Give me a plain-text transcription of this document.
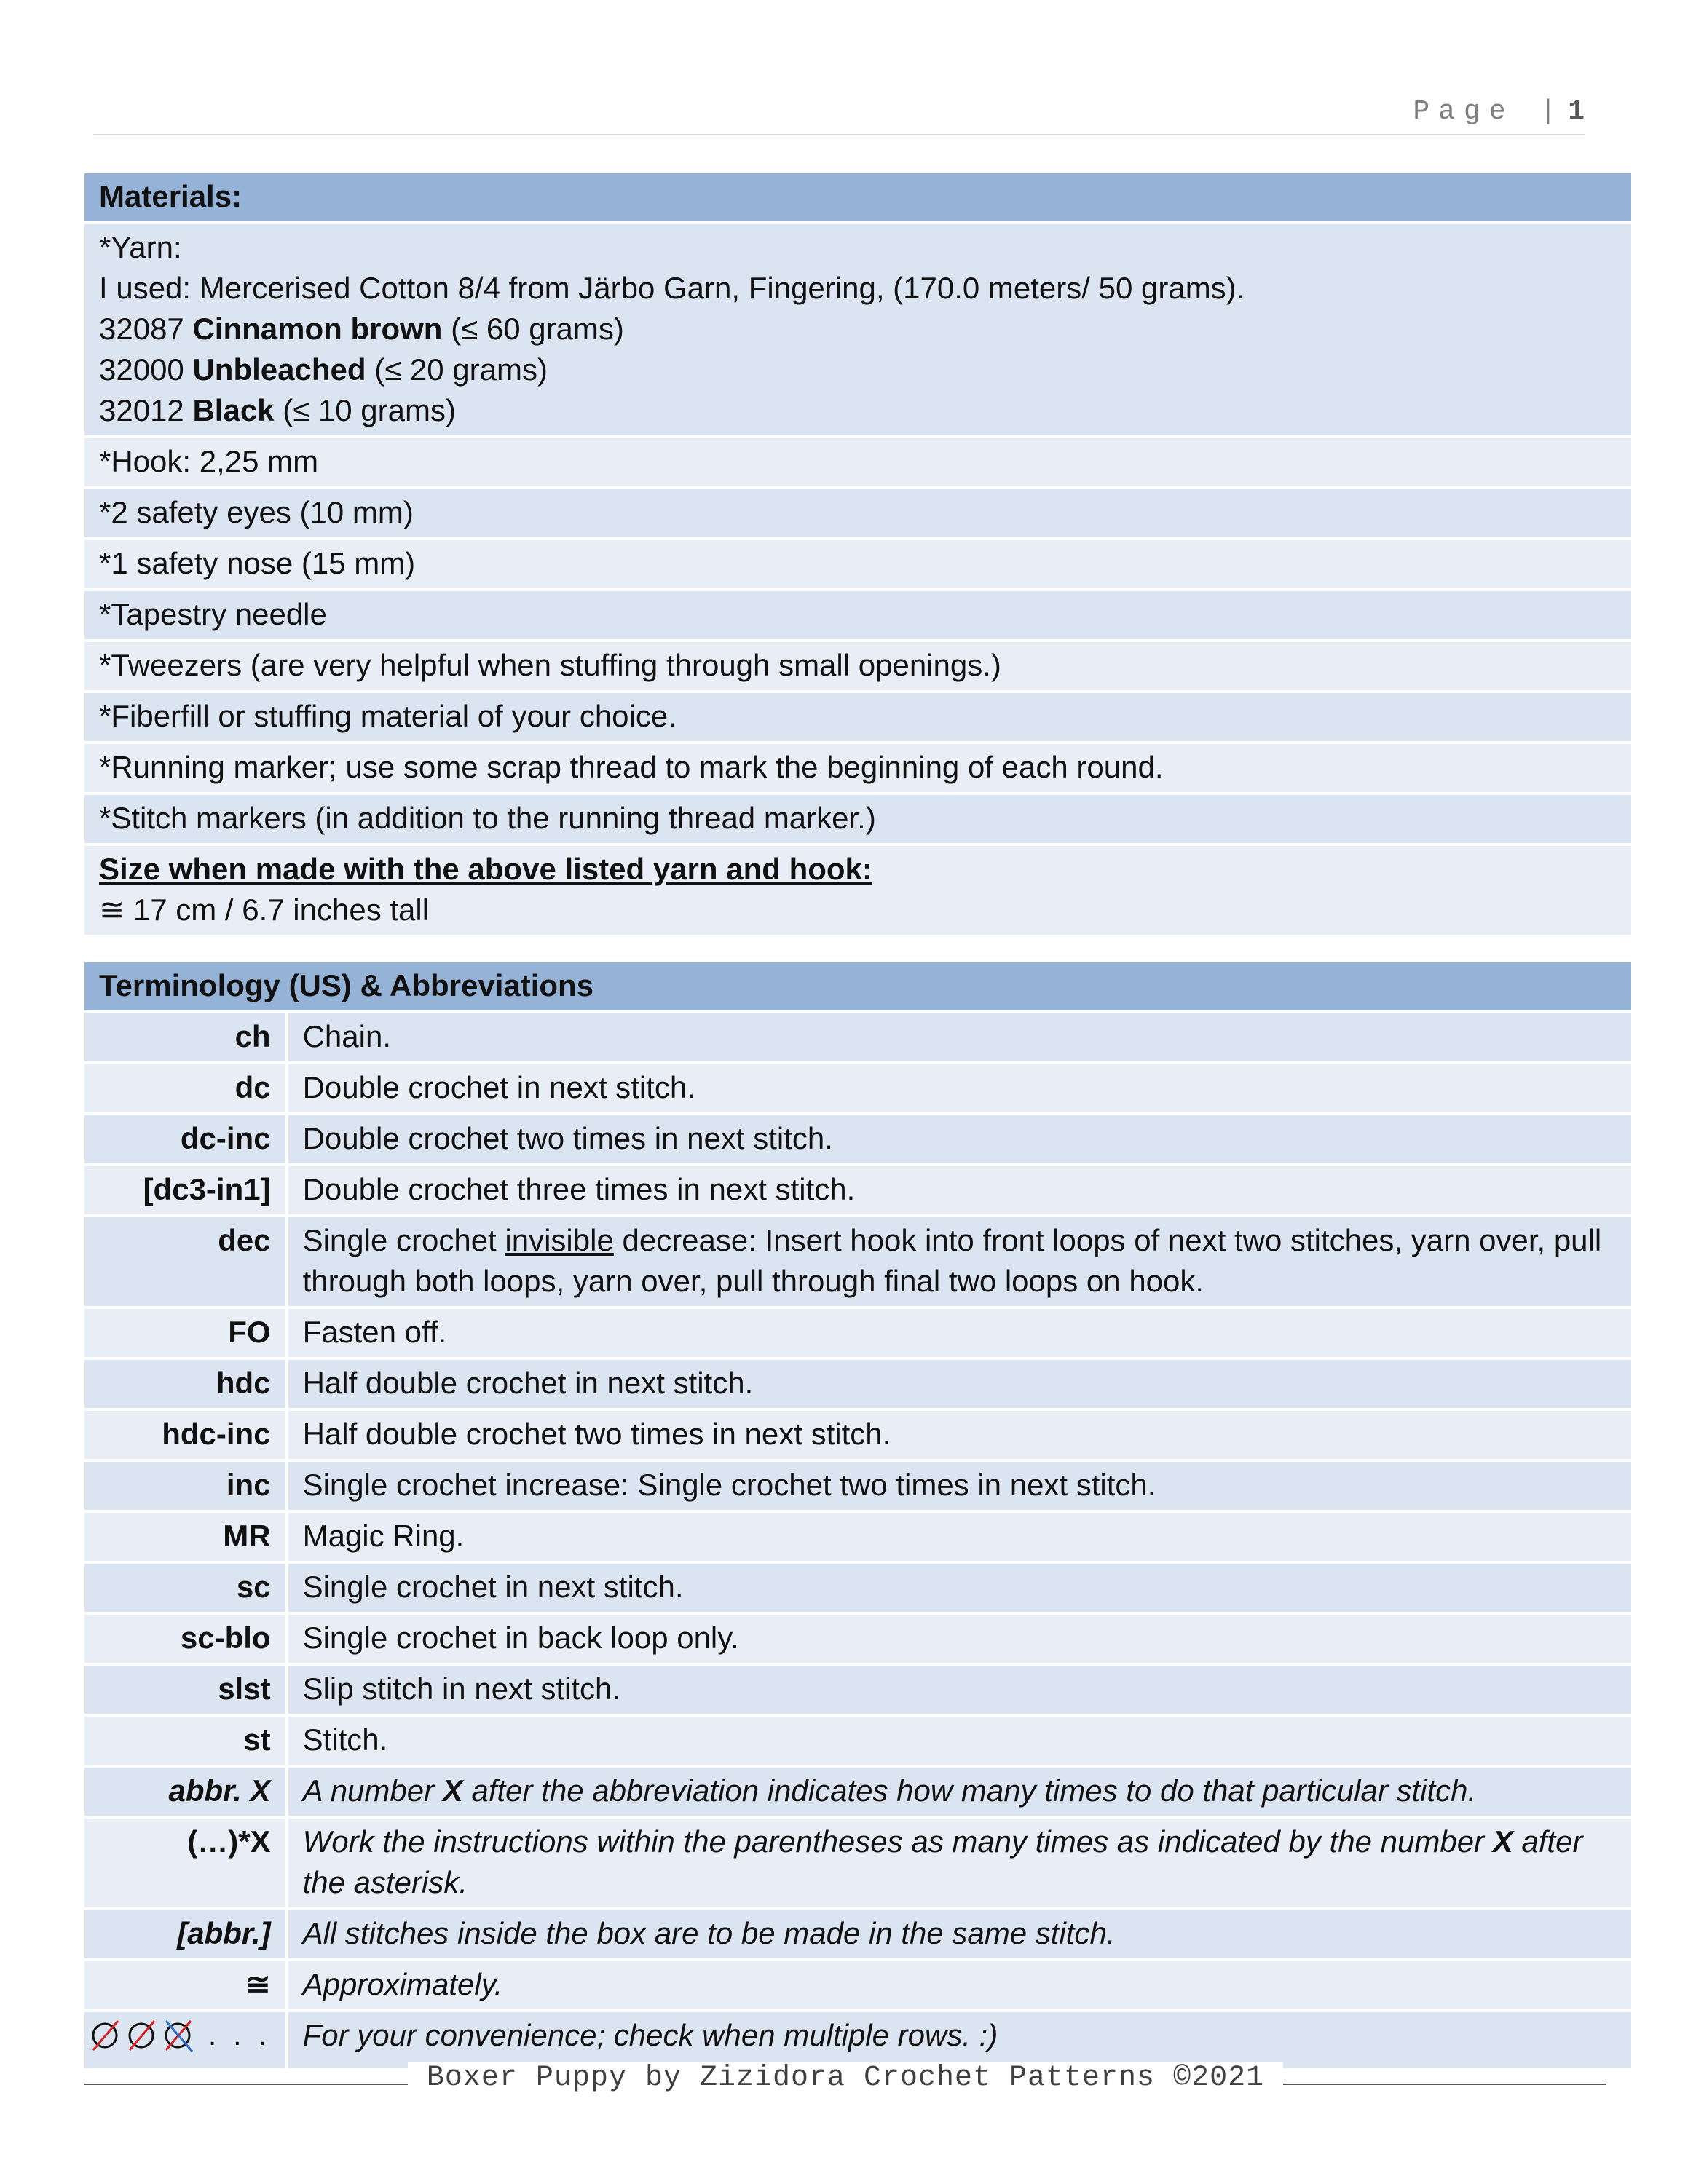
Page | 1
Materials:

*Yarn:
I used: Mercerised Cotton 8/4 from Järbo Garn, Fingering, (170.0 meters/ 50 grams).
32087 Cinnamon brown (≤ 60 grams)
32000 Unbleached (≤ 20 grams)
32012 Black (≤ 10 grams)

*Hook: 2,25 mm
*2 safety eyes (10 mm)
*1 safety nose (15 mm)
*Tapestry needle
*Tweezers (are very helpful when stuffing through small openings.)
*Fiberfill or stuffing material of your choice.
*Running marker; use some scrap thread to mark the beginning of each round.
*Stitch markers (in addition to the running thread marker.)

Size when made with the above listed yarn and hook:
≅ 17 cm / 6.7 inches tall
Terminology (US) & Abbreviations	
ch	Chain.
dc	Double crochet in next stitch.
dc-inc	Double crochet two times in next stitch.
[dc3-in1]	Double crochet three times in next stitch.
dec	Single crochet invisible decrease: Insert hook into front loops of next two stitches, yarn over, pull through both loops, yarn over, pull through final two loops on hook.
FO	Fasten off.
hdc	Half double crochet in next stitch.
hdc-inc	Half double crochet two times in next stitch.
inc	Single crochet increase: Single crochet two times in next stitch.
MR	Magic Ring.
sc	Single crochet in next stitch.
sc-blo	Single crochet in back loop only.
slst	Slip stitch in next stitch.
st	Stitch.
abbr. X	A number X after the abbreviation indicates how many times to do that particular stitch.
(…)*X	Work the instructions within the parentheses as many times as indicated by the number X after the asterisk.
[abbr.]	All stitches inside the box are to be made in the same stitch.
≅	Approximately.

. . .	For your convenience; check when multiple rows. :)
Boxer Puppy by Zizidora Crochet Patterns ©2021
